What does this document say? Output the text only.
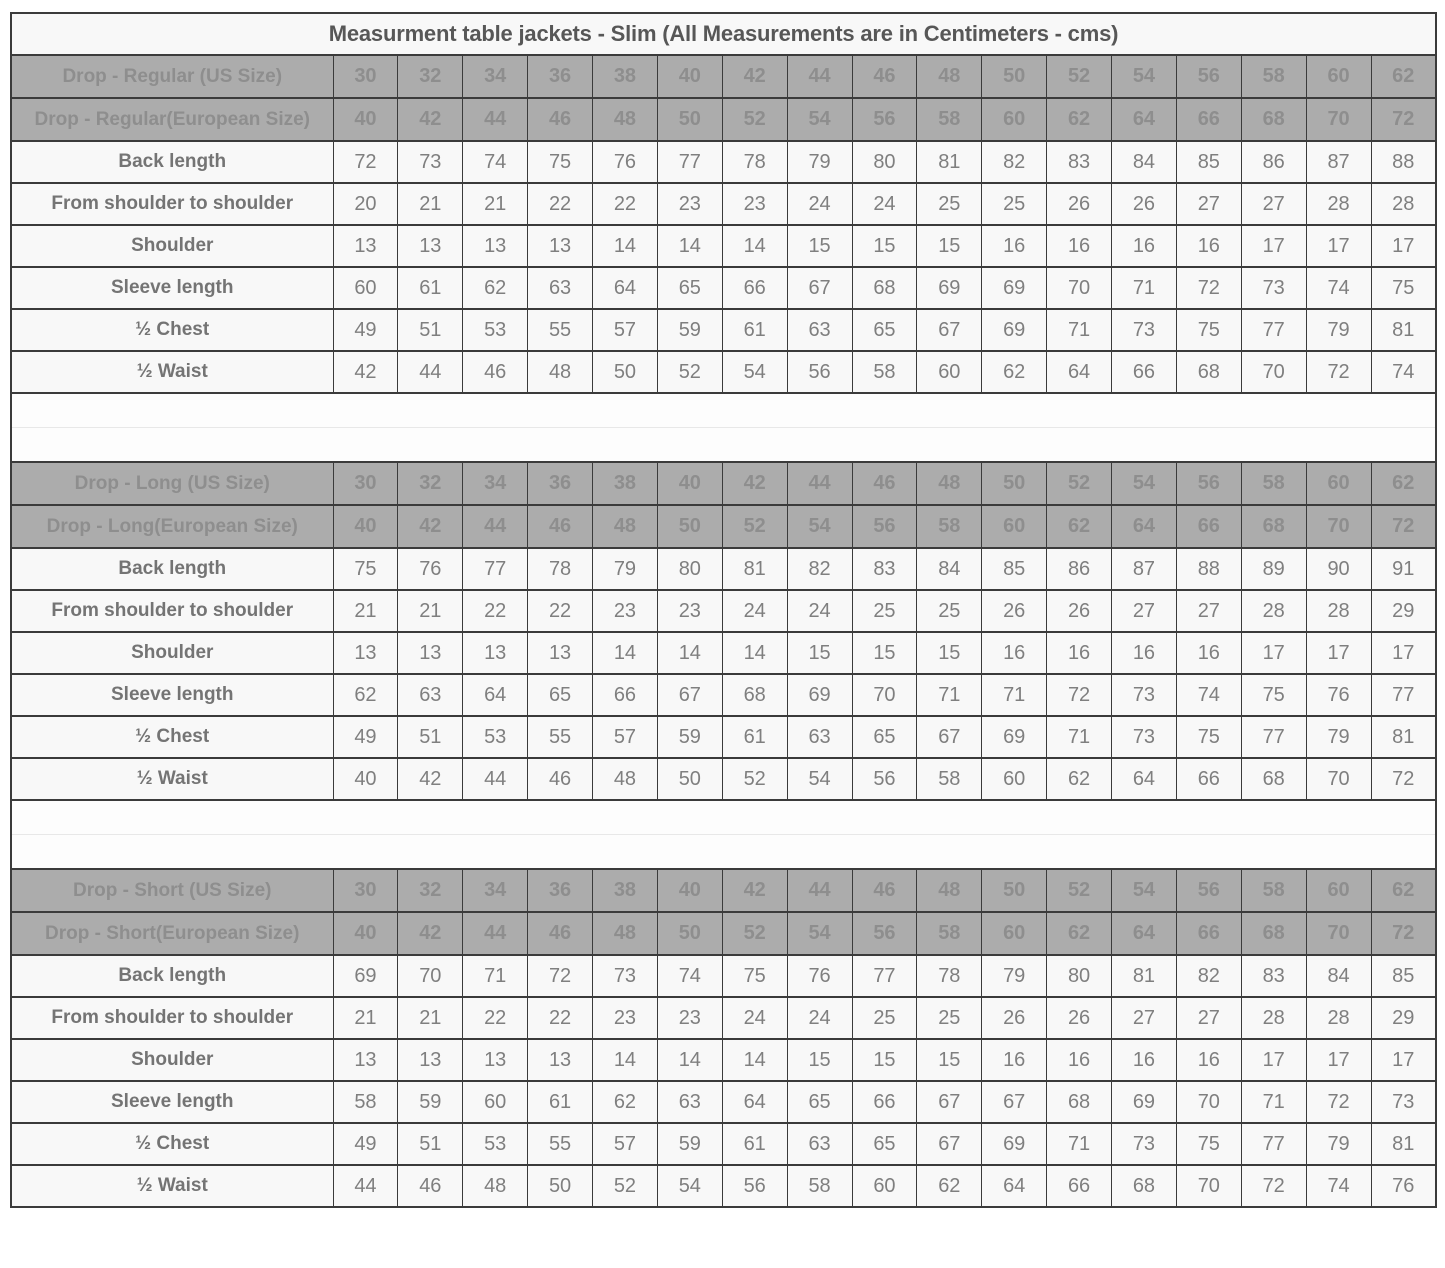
Measurment table jackets - Slim (All Measurements are in Centimeters - cms)																	
Drop - Regular (US Size)	30	32	34	36	38	40	42	44	46	48	50	52	54	56	58	60	62
Drop - Regular(European Size)	40	42	44	46	48	50	52	54	56	58	60	62	64	66	68	70	72
Back length	72	73	74	75	76	77	78	79	80	81	82	83	84	85	86	87	88
From shoulder to shoulder	20	21	21	22	22	23	23	24	24	25	25	26	26	27	27	28	28
Shoulder	13	13	13	13	14	14	14	15	15	15	16	16	16	16	17	17	17
Sleeve length	60	61	62	63	64	65	66	67	68	69	69	70	71	72	73	74	75
½ Chest	49	51	53	55	57	59	61	63	65	67	69	71	73	75	77	79	81
½ Waist	42	44	46	48	50	52	54	56	58	60	62	64	66	68	70	72	74

Drop - Long (US Size)	30	32	34	36	38	40	42	44	46	48	50	52	54	56	58	60	62
Drop - Long(European Size)	40	42	44	46	48	50	52	54	56	58	60	62	64	66	68	70	72
Back length	75	76	77	78	79	80	81	82	83	84	85	86	87	88	89	90	91
From shoulder to shoulder	21	21	22	22	23	23	24	24	25	25	26	26	27	27	28	28	29
Shoulder	13	13	13	13	14	14	14	15	15	15	16	16	16	16	17	17	17
Sleeve length	62	63	64	65	66	67	68	69	70	71	71	72	73	74	75	76	77
½ Chest	49	51	53	55	57	59	61	63	65	67	69	71	73	75	77	79	81
½ Waist	40	42	44	46	48	50	52	54	56	58	60	62	64	66	68	70	72

Drop - Short (US Size)	30	32	34	36	38	40	42	44	46	48	50	52	54	56	58	60	62
Drop - Short(European Size)	40	42	44	46	48	50	52	54	56	58	60	62	64	66	68	70	72
Back length	69	70	71	72	73	74	75	76	77	78	79	80	81	82	83	84	85
From shoulder to shoulder	21	21	22	22	23	23	24	24	25	25	26	26	27	27	28	28	29
Shoulder	13	13	13	13	14	14	14	15	15	15	16	16	16	16	17	17	17
Sleeve length	58	59	60	61	62	63	64	65	66	67	67	68	69	70	71	72	73
½ Chest	49	51	53	55	57	59	61	63	65	67	69	71	73	75	77	79	81
½ Waist	44	46	48	50	52	54	56	58	60	62	64	66	68	70	72	74	76
